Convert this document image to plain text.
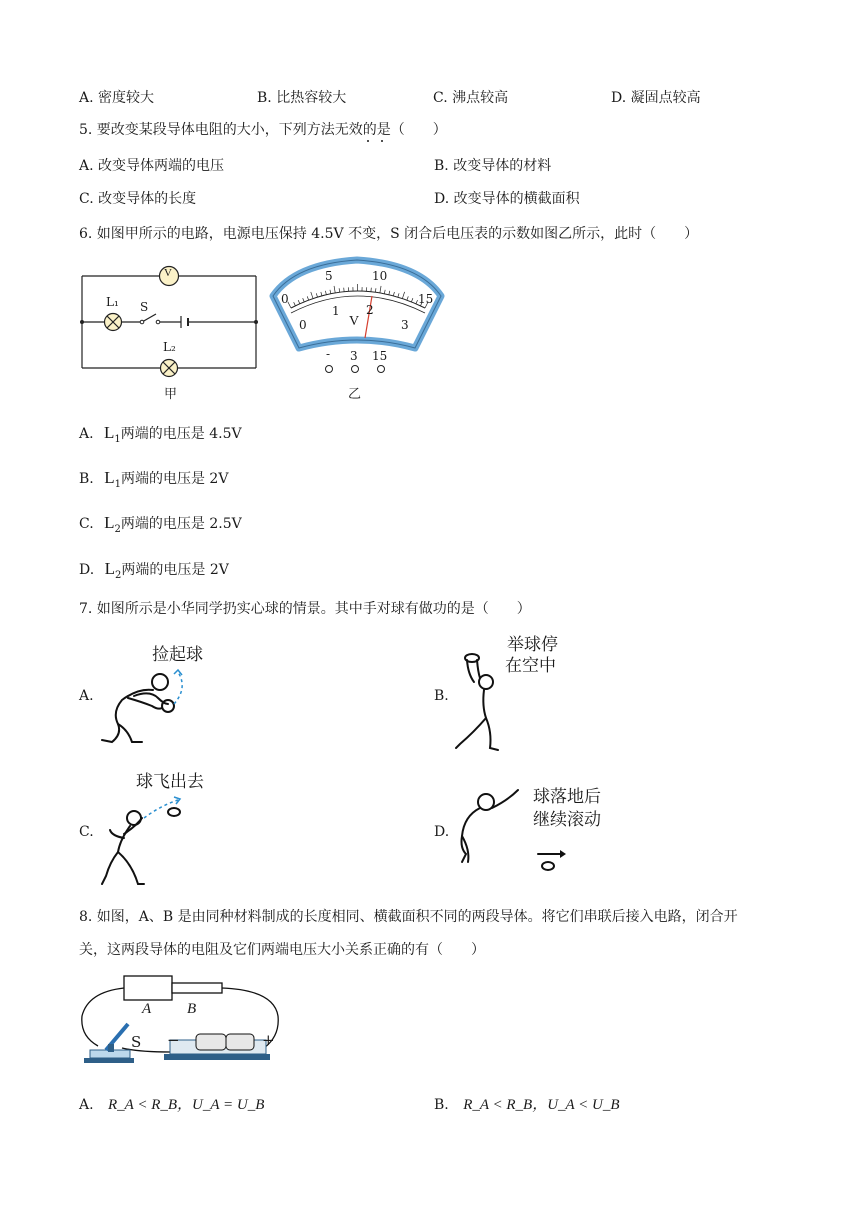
A. 密度较大	B. 比热容较大	C. 沸点较高	D. 凝固点较高
5. 要改变某段导体电阻的大小，下列方法无效的是（　　）
A. 改变导体两端的电压	B. 改变导体的材料
C. 改变导体的长度	D. 改变导体的横截面积
6. 如图甲所示的电路，电源电压保持 4.5V 不变，S 闭合后电压表的示数如图乙所示，此时（　　）
V
L₁ S
L₂
甲
0
5	10
15
0
1 2
3
V
- 3 15
乙
A. $L_1$两端的电压是 4.5V
B. $L_1$两端的电压是 2V
C. $L_2$两端的电压是 2.5V
D. $L_2$两端的电压是 2V
7. 如图所示是小华同学扔实心球的情景。其中手对球有做功的是（　　）
A.
捡起球
B.
举球停
在空中
C.
球飞出去
D.
球落地后
继续滚动
8. 如图，A、B 是由同种材料制成的长度相同、横截面积不同的两段导体。将它们串联后接入电路，闭合开
关，这两段导体的电阻及它们两端电压大小关系正确的有（　　）
A B
S −	+
A. R_A < R_B，U_A = U_B	B. R_A < R_B，U_A < U_B
